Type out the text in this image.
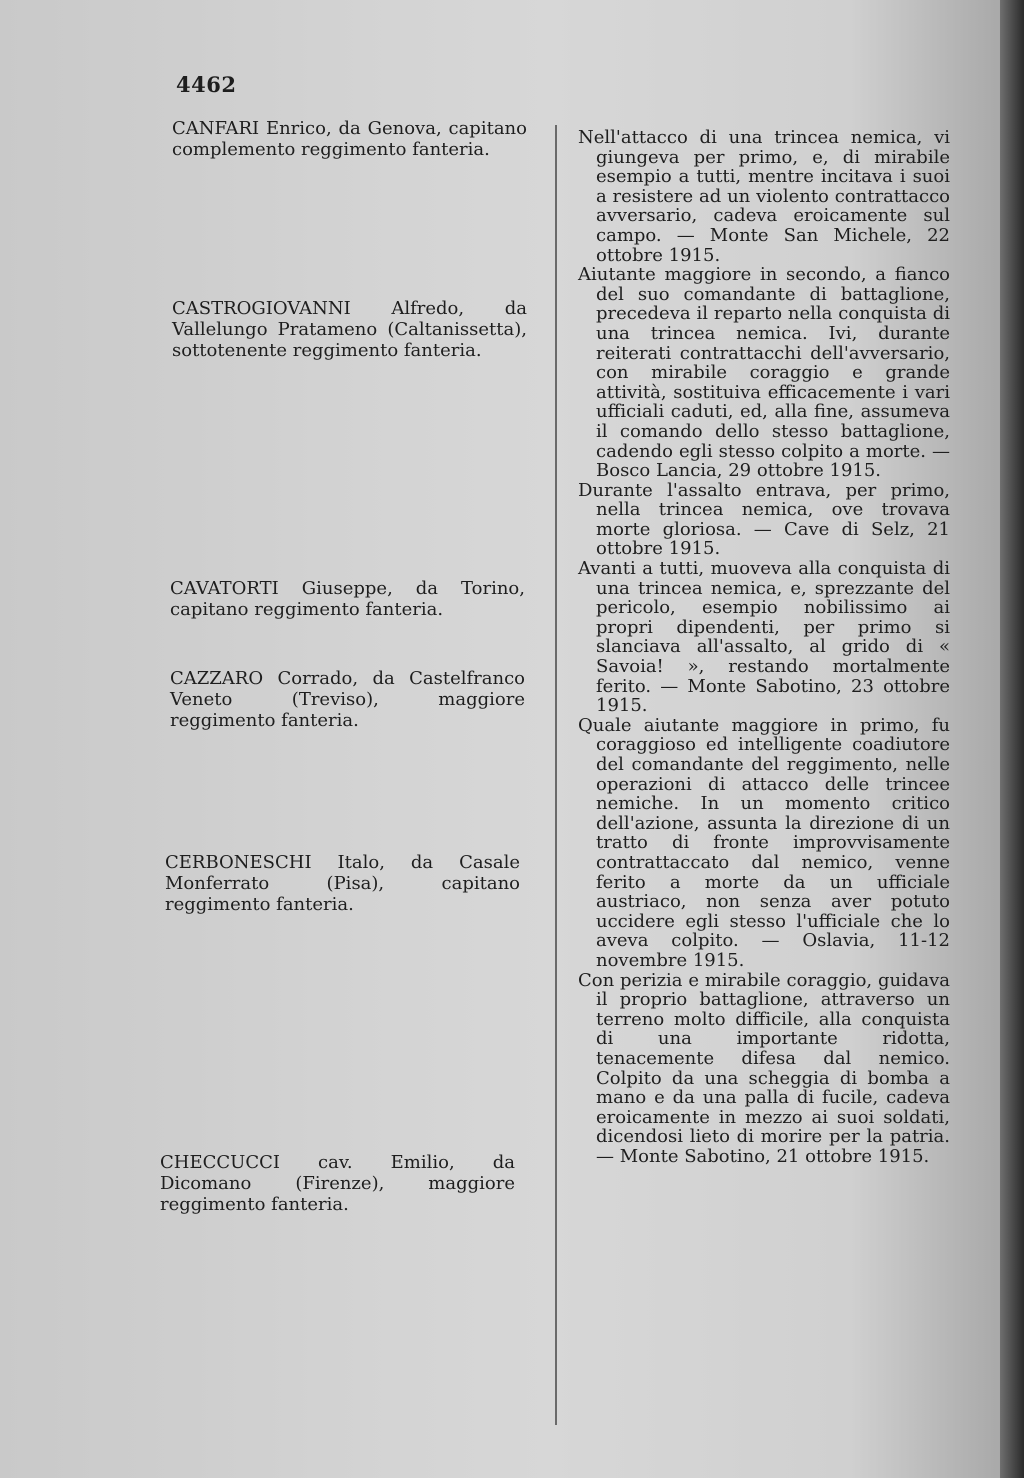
4462
CANFARI Enrico, da Genova, capitano complemento reggimento fanteria.
CASTROGIOVANNI Alfredo, da Vallelungo Pratameno (Caltanissetta), sottotenente reggimento fanteria.
CAVATORTI Giuseppe, da Torino, capitano reggimento fanteria.
CAZZARO Corrado, da Castelfranco Veneto (Treviso), maggiore reggimento fanteria.
CERBONESCHI Italo, da Casale Monferrato (Pisa), capitano reggimento fanteria.
CHECCUCCI cav. Emilio, da Dicomano (Firenze), maggiore reggimento fanteria.

Nell'attacco di una trincea nemica, vi giungeva per primo, e, di mirabile esempio a tutti, mentre incitava i suoi a resistere ad un violento contrattacco avversario, cadeva eroicamente sul campo. — Monte San Michele, 22 ottobre 1915.

Aiutante maggiore in secondo, a fianco del suo comandante di battaglione, precedeva il reparto nella conquista di una trincea nemica. Ivi, durante reiterati contrattacchi dell'avversario, con mirabile coraggio e grande attività, sostituiva efficacemente i vari ufficiali caduti, ed, alla fine, assumeva il comando dello stesso battaglione, cadendo egli stesso colpito a morte. — Bosco Lancia, 29 ottobre 1915.

Durante l'assalto entrava, per primo, nella trincea nemica, ove trovava morte gloriosa. — Cave di Selz, 21 ottobre 1915.

Avanti a tutti, muoveva alla conquista di una trincea nemica, e, sprezzante del pericolo, esempio nobilissimo ai propri dipendenti, per primo si slanciava all'assalto, al grido di « Savoia! », restando mortalmente ferito. — Monte Sabotino, 23 ottobre 1915.

Quale aiutante maggiore in primo, fu coraggioso ed intelligente coadiutore del comandante del reggimento, nelle operazioni di attacco delle trincee nemiche. In un momento critico dell'azione, assunta la direzione di un tratto di fronte improvvisamente contrattaccato dal nemico, venne ferito a morte da un ufficiale austriaco, non senza aver potuto uccidere egli stesso l'ufficiale che lo aveva colpito. — Oslavia, 11-12 novembre 1915.

Con perizia e mirabile coraggio, guidava il proprio battaglione, attraverso un terreno molto difficile, alla conquista di una importante ridotta, tenacemente difesa dal nemico. Colpito da una scheggia di bomba a mano e da una palla di fucile, cadeva eroicamente in mezzo ai suoi soldati, dicendosi lieto di morire per la patria. — Monte Sabotino, 21 ottobre 1915.
